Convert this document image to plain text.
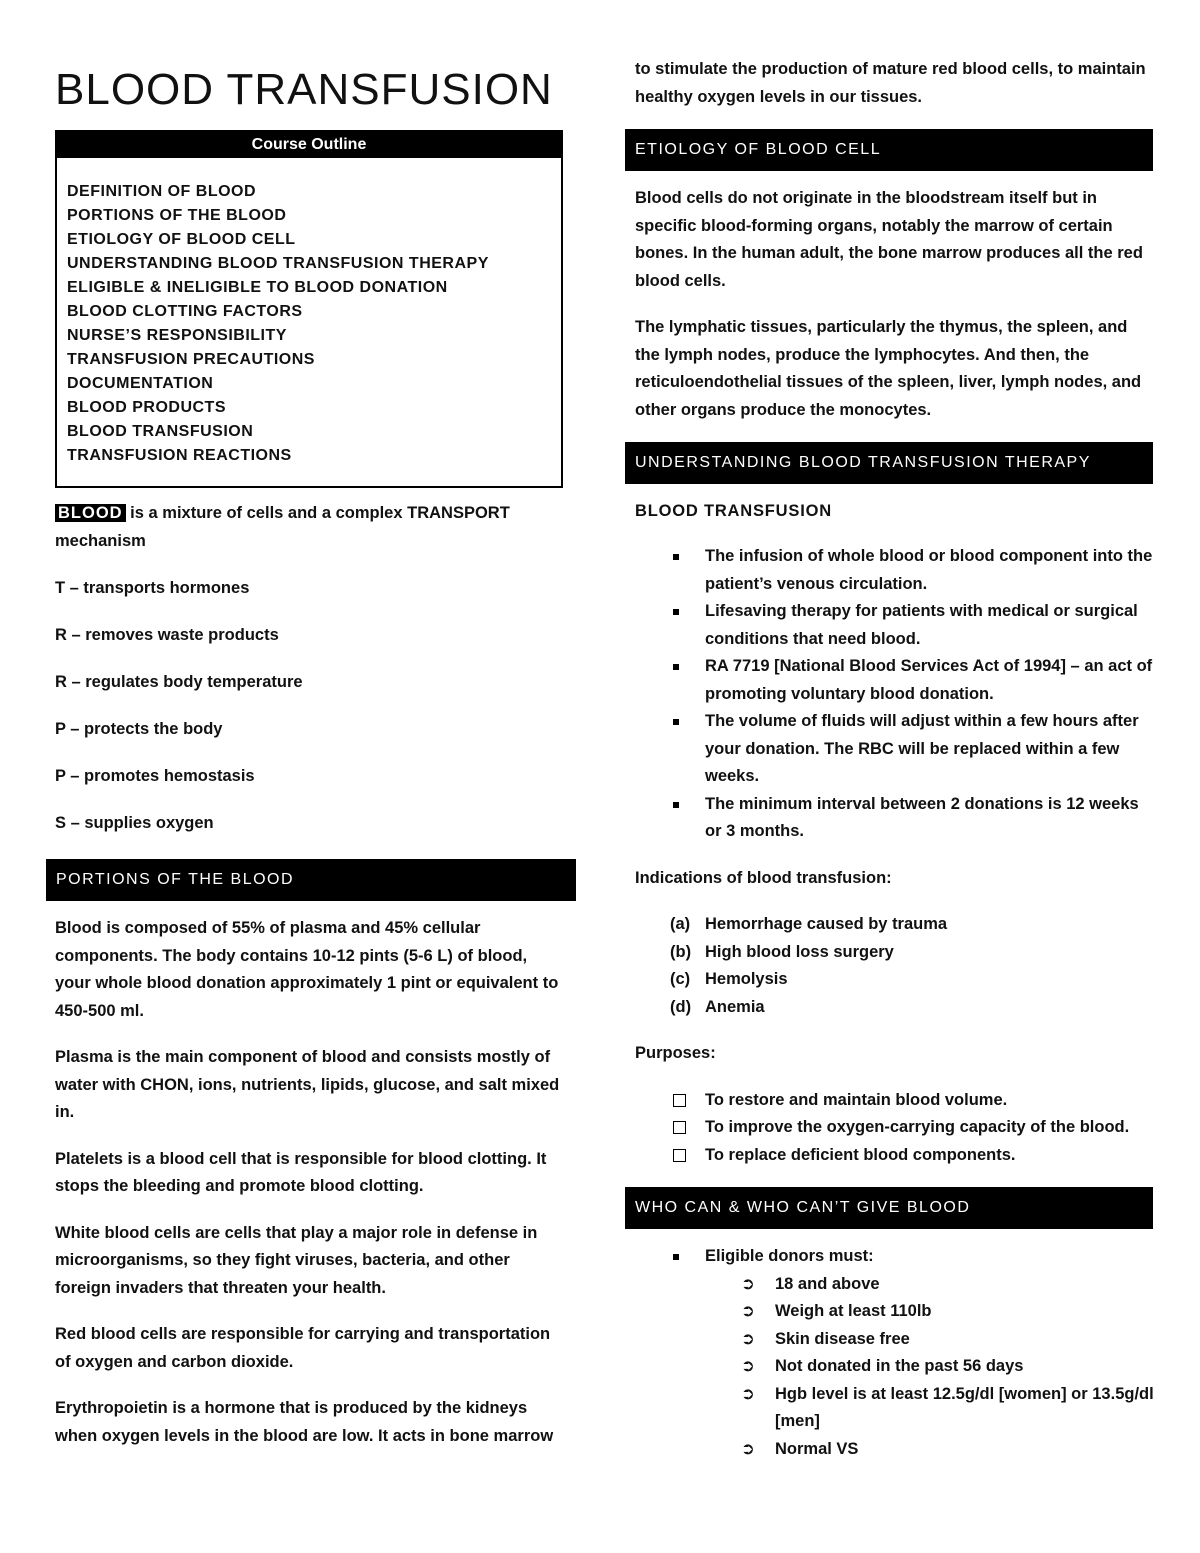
BLOOD TRANSFUSION
Course Outline
DEFINITION OF BLOOD
PORTIONS OF THE BLOOD
ETIOLOGY OF BLOOD CELL
UNDERSTANDING BLOOD TRANSFUSION THERAPY
ELIGIBLE & INELIGIBLE TO BLOOD DONATION
BLOOD CLOTTING FACTORS
NURSE’S RESPONSIBILITY
TRANSFUSION PRECAUTIONS
DOCUMENTATION
BLOOD PRODUCTS
BLOOD TRANSFUSION
TRANSFUSION REACTIONS

BLOOD is a mixture of cells and a complex TRANSPORT mechanism

T – transports hormones

R – removes waste products

R – regulates body temperature

P – protects the body

P – promotes hemostasis

S – supplies oxygen

PORTIONS OF THE BLOOD

Blood is composed of 55% of plasma and 45% cellular components. The body contains 10-12 pints (5-6 L) of blood, your whole blood donation approximately 1 pint or equivalent to 450-500 ml.

Plasma is the main component of blood and consists mostly of water with CHON, ions, nutrients, lipids, glucose, and salt mixed in.

Platelets is a blood cell that is responsible for blood clotting. It stops the bleeding and promote blood clotting.

White blood cells are cells that play a major role in defense in microorganisms, so they fight viruses, bacteria, and other foreign invaders that threaten your health.

Red blood cells are responsible for carrying and transportation of oxygen and carbon dioxide.

Erythropoietin is a hormone that is produced by the kidneys when oxygen levels in the blood are low. It acts in bone marrow

to stimulate the production of mature red blood cells, to maintain healthy oxygen levels in our tissues.

ETIOLOGY OF BLOOD CELL

Blood cells do not originate in the bloodstream itself but in specific blood-forming organs, notably the marrow of certain bones. In the human adult, the bone marrow produces all the red blood cells.

The lymphatic tissues, particularly the thymus, the spleen, and the lymph nodes, produce the lymphocytes. And then, the reticuloendothelial tissues of the spleen, liver, lymph nodes, and other organs produce the monocytes.

UNDERSTANDING BLOOD TRANSFUSION THERAPY
BLOOD TRANSFUSION
The infusion of whole blood or blood component into the patient’s venous circulation.
Lifesaving therapy for patients with medical or surgical conditions that need blood.
RA 7719 [National Blood Services Act of 1994] – an act of promoting voluntary blood donation.
The volume of fluids will adjust within a few hours after your donation. The RBC will be replaced within a few weeks.
The minimum interval between 2 donations is 12 weeks or 3 months.

Indications of blood transfusion:

(a) Hemorrhage caused by trauma
(b) High blood loss surgery
(c) Hemolysis
(d) Anemia

Purposes:

To restore and maintain blood volume.
To improve the oxygen-carrying capacity of the blood.
To replace deficient blood components.
WHO CAN & WHO CAN’T GIVE BLOOD
Eligible donors must:
➲ 18 and above
➲ Weigh at least 110lb
➲ Skin disease free
➲ Not donated in the past 56 days
➲ Hgb level is at least 12.5g/dl [women] or 13.5g/dl [men]
➲ Normal VS
